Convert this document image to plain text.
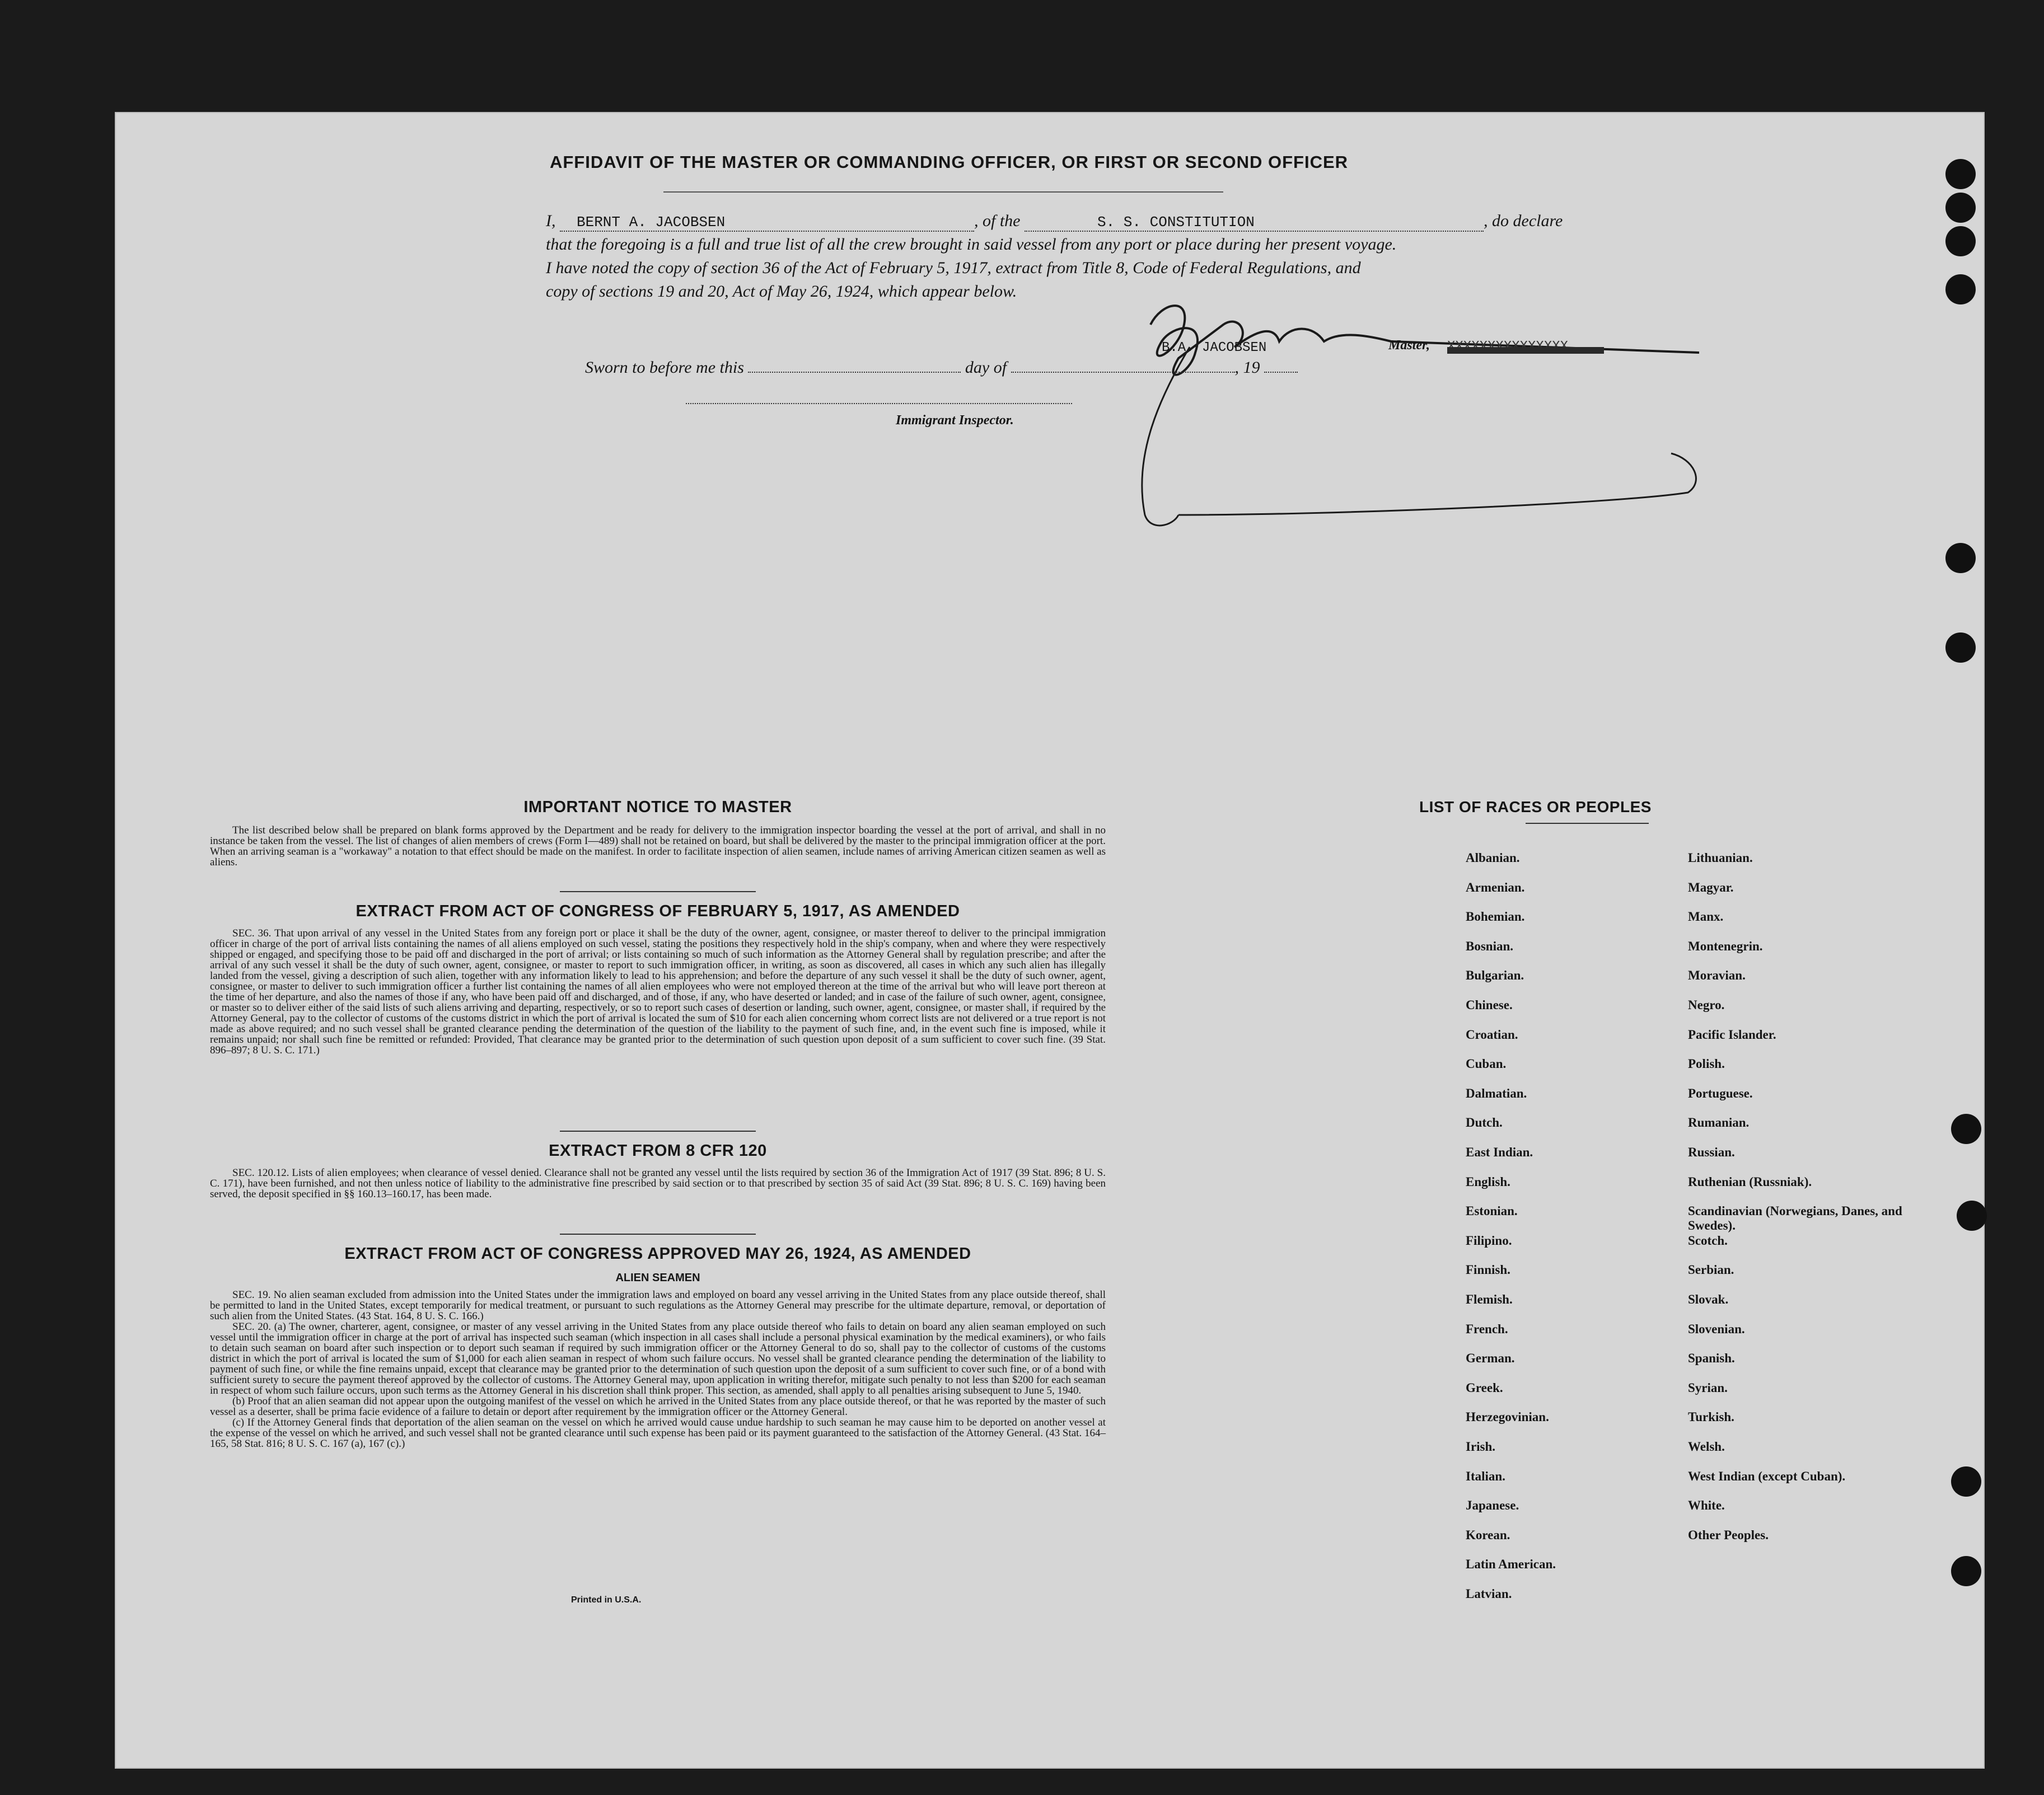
AFFIDAVIT OF THE MASTER OR COMMANDING OFFICER, OR FIRST OR SECOND OFFICER
I, BERNT A. JACOBSEN	, of the	S. S. CONSTITUTION	, do declare
that the foregoing is a full and true list of all the crew brought in said vessel from any port or place during her present voyage.
I have noted the copy of section 36 of the Act of February 5, 1917, extract from Title 8, Code of Federal Regulations, and
copy of sections 19 and 20, Act of May 26, 1924, which appear below.
B.A. JACOBSEN	Master,
Sworn to before me this	day of	, 19
Immigrant Inspector.
IMPORTANT NOTICE TO MASTER

The list described below shall be prepared on blank forms approved by the Department and be ready for delivery to the immigration inspector boarding the vessel at the port of arrival, and shall in no instance be taken from the vessel. The list of changes of alien members of crews (Form I—489) shall not be retained on board, but shall be delivered by the master to the principal immigration officer at the port. When an arriving seaman is a "workaway" a notation to that effect should be made on the manifest. In order to facilitate inspection of alien seamen, include names of arriving American citizen seamen as well as aliens.

EXTRACT FROM ACT OF CONGRESS OF FEBRUARY 5, 1917, AS AMENDED

SEC. 36. That upon arrival of any vessel in the United States from any foreign port or place it shall be the duty of the owner, agent, consignee, or master thereof to deliver to the principal immigration officer in charge of the port of arrival lists containing the names of all aliens employed on such vessel, stating the positions they respectively hold in the ship's company, when and where they were respectively shipped or engaged, and specifying those to be paid off and discharged in the port of arrival; or lists containing so much of such information as the Attorney General shall by regulation prescribe; and after the arrival of any such vessel it shall be the duty of such owner, agent, consignee, or master to report to such immigration officer, in writing, as soon as discovered, all cases in which any such alien has illegally landed from the vessel, giving a description of such alien, together with any information likely to lead to his apprehension; and before the departure of any such vessel it shall be the duty of such owner, agent, consignee, or master to deliver to such immigration officer a further list containing the names of all alien employees who were not employed thereon at the time of the arrival but who will leave port thereon at the time of her departure, and also the names of those if any, who have been paid off and discharged, and of those, if any, who have deserted or landed; and in case of the failure of such owner, agent, consignee, or master so to deliver either of the said lists of such aliens arriving and departing, respectively, or so to report such cases of desertion or landing, such owner, agent, consignee, or master shall, if required by the Attorney General, pay to the collector of customs of the customs district in which the port of arrival is located the sum of $10 for each alien concerning whom correct lists are not delivered or a true report is not made as above required; and no such vessel shall be granted clearance pending the determination of the question of the liability to the payment of such fine, and, in the event such fine is imposed, while it remains unpaid; nor shall such fine be remitted or refunded: Provided, That clearance may be granted prior to the determination of such question upon deposit of a sum sufficient to cover such fine. (39 Stat. 896–897; 8 U. S. C. 171.)

EXTRACT FROM 8 CFR 120

SEC. 120.12. Lists of alien employees; when clearance of vessel denied. Clearance shall not be granted any vessel until the lists required by section 36 of the Immigration Act of 1917 (39 Stat. 896; 8 U. S. C. 171), have been furnished, and not then unless notice of liability to the administrative fine prescribed by said section or to that prescribed by section 35 of said Act (39 Stat. 896; 8 U. S. C. 169) having been served, the deposit specified in §§ 160.13–160.17, has been made.

EXTRACT FROM ACT OF CONGRESS APPROVED MAY 26, 1924, AS AMENDED
ALIEN SEAMEN

SEC. 19. No alien seaman excluded from admission into the United States under the immigration laws and employed on board any vessel arriving in the United States from any place outside thereof, shall be permitted to land in the United States, except temporarily for medical treatment, or pursuant to such regulations as the Attorney General may prescribe for the ultimate departure, removal, or deportation of such alien from the United States. (43 Stat. 164, 8 U. S. C. 166.)

SEC. 20. (a) The owner, charterer, agent, consignee, or master of any vessel arriving in the United States from any place outside thereof who fails to detain on board any alien seaman employed on such vessel until the immigration officer in charge at the port of arrival has inspected such seaman (which inspection in all cases shall include a personal physical examination by the medical examiners), or who fails to detain such seaman on board after such inspection or to deport such seaman if required by such immigration officer or the Attorney General to do so, shall pay to the collector of customs of the customs district in which the port of arrival is located the sum of $1,000 for each alien seaman in respect of whom such failure occurs. No vessel shall be granted clearance pending the determination of the liability to payment of such fine, or while the fine remains unpaid, except that clearance may be granted prior to the determination of such question upon the deposit of a sum sufficient to cover such fine, or of a bond with sufficient surety to secure the payment thereof approved by the collector of customs. The Attorney General may, upon application in writing therefor, mitigate such penalty to not less than $200 for each seaman in respect of whom such failure occurs, upon such terms as the Attorney General in his discretion shall think proper. This section, as amended, shall apply to all penalties arising subsequent to June 5, 1940.

(b) Proof that an alien seaman did not appear upon the outgoing manifest of the vessel on which he arrived in the United States from any place outside thereof, or that he was reported by the master of such vessel as a deserter, shall be prima facie evidence of a failure to detain or deport after requirement by the immigration officer or the Attorney General.

(c) If the Attorney General finds that deportation of the alien seaman on the vessel on which he arrived would cause undue hardship to such seaman he may cause him to be deported on another vessel at the expense of the vessel on which he arrived, and such vessel shall not be granted clearance until such expense has been paid or its payment guaranteed to the satisfaction of the Attorney General. (43 Stat. 164–165, 58 Stat. 816; 8 U. S. C. 167 (a), 167 (c).)

Printed in U.S.A.
LIST OF RACES OR PEOPLES
Albanian.
Armenian.
Bohemian.
Bosnian.
Bulgarian.
Chinese.
Croatian.
Cuban.
Dalmatian.
Dutch.
East Indian.
English.
Estonian.
Filipino.
Finnish.
Flemish.
French.
German.
Greek.
Herzegovinian.
Irish.
Italian.
Japanese.
Korean.
Latin American.
Latvian.
Lithuanian.
Magyar.
Manx.
Montenegrin.
Moravian.
Negro.
Pacific Islander.
Polish.
Portuguese.
Rumanian.
Russian.
Ruthenian (Russniak).
Scandinavian (Norwegians, Danes, and Swedes).
Scotch.
Serbian.
Slovak.
Slovenian.
Spanish.
Syrian.
Turkish.
Welsh.
West Indian (except Cuban).
White.
Other Peoples.
